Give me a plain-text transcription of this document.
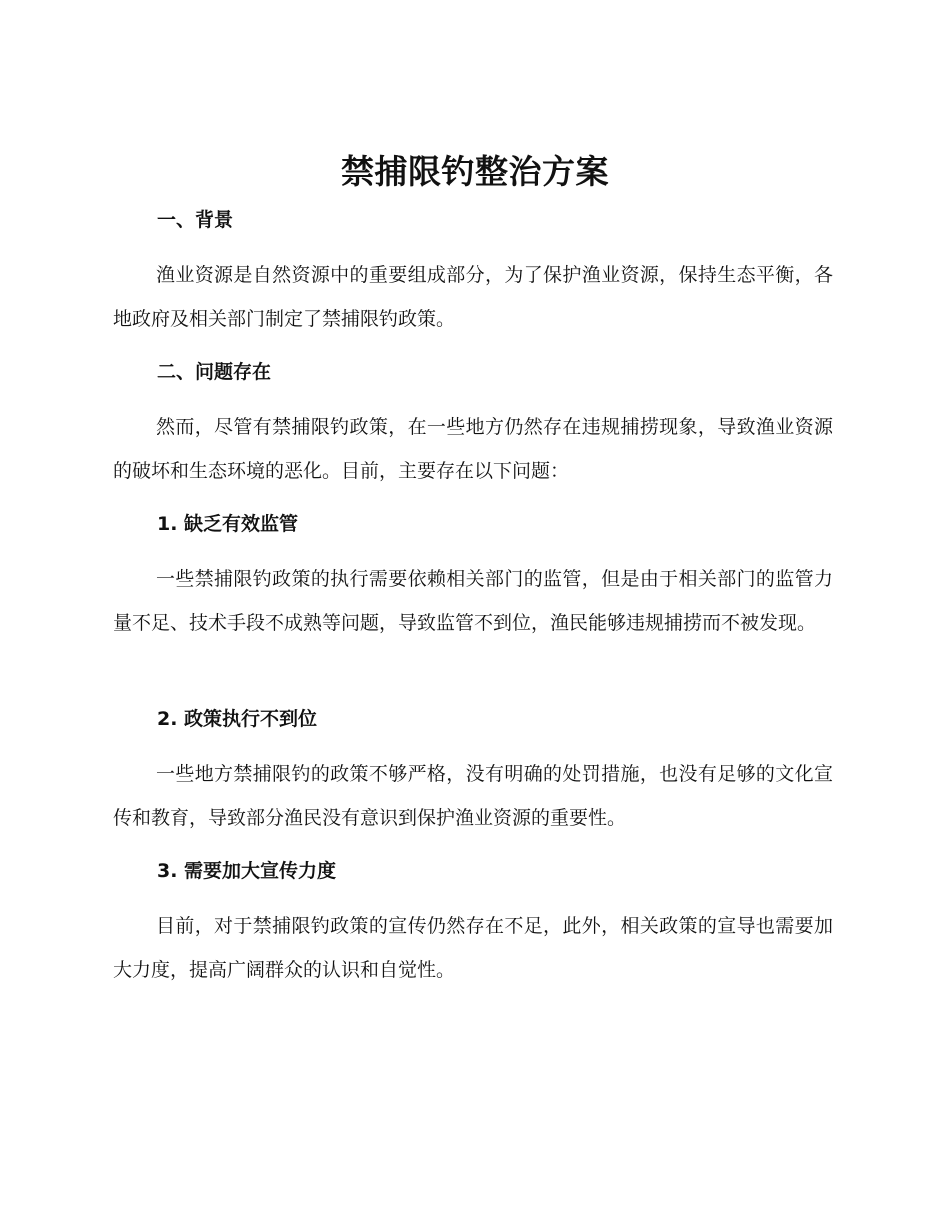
禁捕限钓整治方案
一、背景
渔业资源是自然资源中的重要组成部分，为了保护渔业资源，保持生态平衡，各地政府及相关部门制定了禁捕限钓政策。
二、问题存在
然而，尽管有禁捕限钓政策，在一些地方仍然存在违规捕捞现象，导致渔业资源的破坏和生态环境的恶化。目前，主要存在以下问题：
1. 缺乏有效监管
一些禁捕限钓政策的执行需要依赖相关部门的监管，但是由于相关部门的监管力量不足、技术手段不成熟等问题，导致监管不到位，渔民能够违规捕捞而不被发现。
2. 政策执行不到位
一些地方禁捕限钓的政策不够严格，没有明确的处罚措施，也没有足够的文化宣传和教育，导致部分渔民没有意识到保护渔业资源的重要性。
3. 需要加大宣传力度
目前，对于禁捕限钓政策的宣传仍然存在不足，此外，相关政策的宣导也需要加大力度，提高广阔群众的认识和自觉性。
